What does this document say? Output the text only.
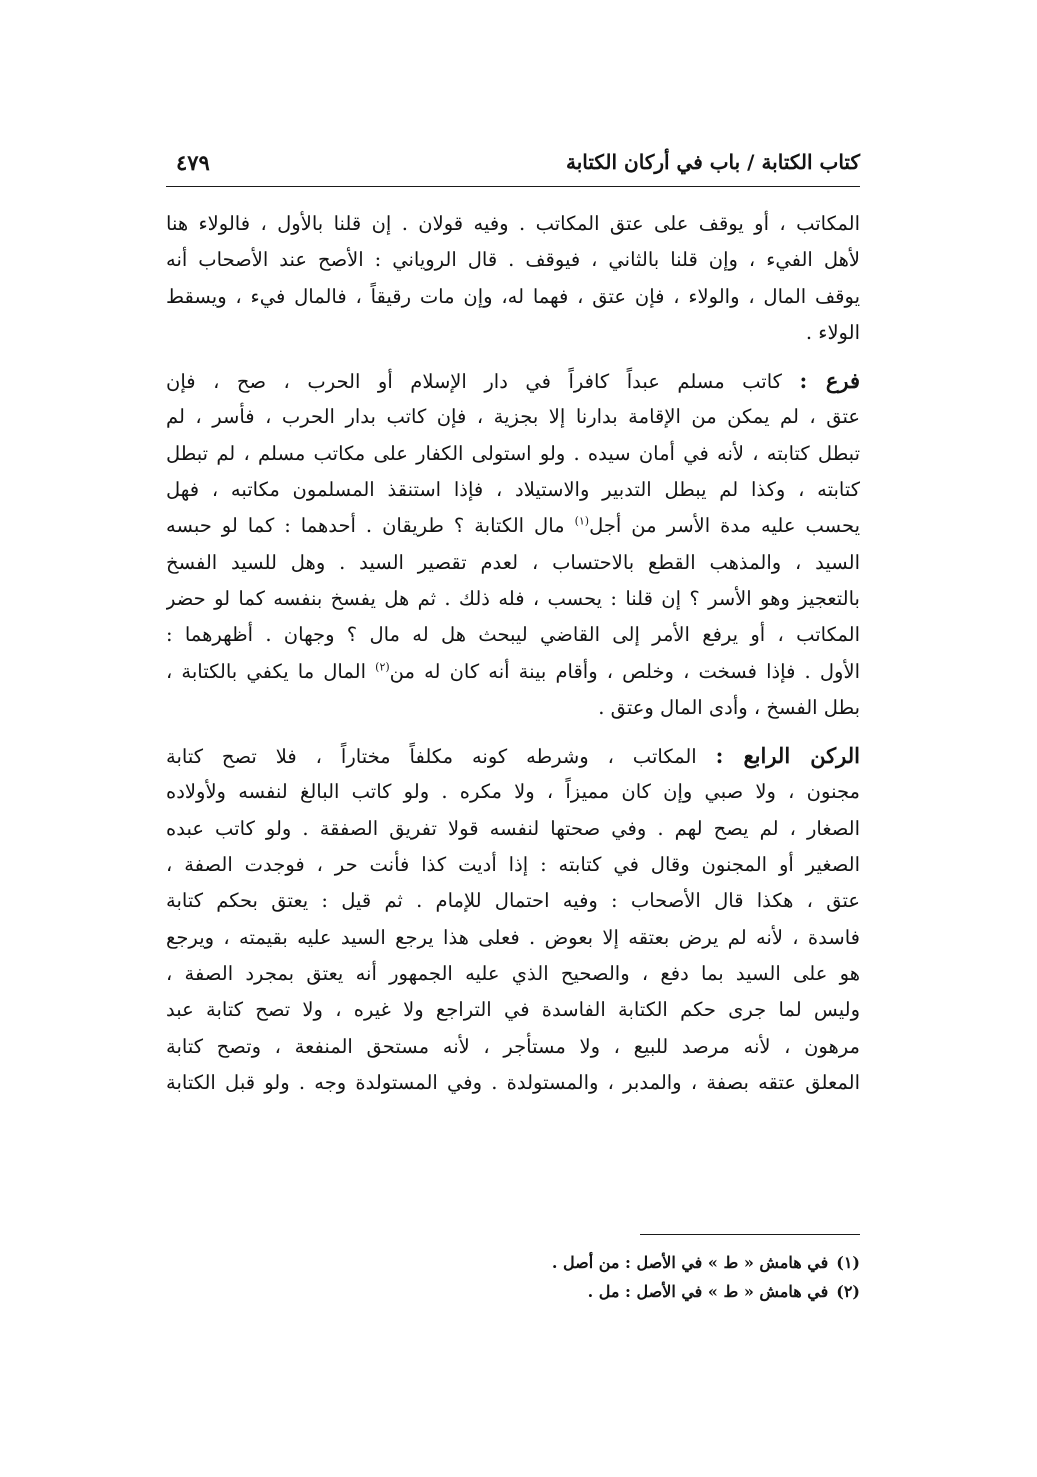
كتاب الكتابة / باب في أركان الكتابة
٤٧٩
المكاتب ، أو يوقف على عتق المكاتب . وفيه قولان . إن قلنا بالأول ، فالولاء هنا
لأهل الفيء ، وإن قلنا بالثاني ، فيوقف . قال الروياني : الأصح عند الأصحاب أنه
يوقف المال ، والولاء ، فإن عتق ، فهما له، وإن مات رقيقاً ، فالمال فيء ، ويسقط
الولاء .
فرع : كاتب مسلم عبداً كافراً في دار الإسلام أو الحرب ، صح ، فإن
عتق ، لم يمكن من الإقامة بدارنا إلا بجزية ، فإن كاتب بدار الحرب ، فأسر ، لم
تبطل كتابته ، لأنه في أمان سيده . ولو استولى الكفار على مكاتب مسلم ، لم تبطل
كتابته ، وكذا لم يبطل التدبير والاستيلاد ، فإذا استنقذ المسلمون مكاتبه ، فهل
يحسب عليه مدة الأسر من أجل$^{(١)}$ مال الكتابة ؟ طريقان . أحدهما : كما لو حبسه
السيد ، والمذهب القطع بالاحتساب ، لعدم تقصير السيد . وهل للسيد الفسخ
بالتعجيز وهو الأسر ؟ إن قلنا : يحسب ، فله ذلك . ثم هل يفسخ بنفسه كما لو حضر
المكاتب ، أو يرفع الأمر إلى القاضي ليبحث هل له مال ؟ وجهان . أظهرهما :
الأول . فإذا فسخت ، وخلص ، وأقام بينة أنه كان له من$^{(٢)}$ المال ما يكفي بالكتابة ،
بطل الفسخ ، وأدى المال وعتق .
الركن الرابع : المكاتب ، وشرطه كونه مكلفاً مختاراً ، فلا تصح كتابة
مجنون ، ولا صبي وإن كان مميزاً ، ولا مكره . ولو كاتب البالغ لنفسه ولأولاده
الصغار ، لم يصح لهم . وفي صحتها لنفسه قولا تفريق الصفقة . ولو كاتب عبده
الصغير أو المجنون وقال في كتابته : إذا أديت كذا فأنت حر ، فوجدت الصفة ،
عتق ، هكذا قال الأصحاب : وفيه احتمال للإمام . ثم قيل : يعتق بحكم كتابة
فاسدة ، لأنه لم يرض بعتقه إلا بعوض . فعلى هذا يرجع السيد عليه بقيمته ، ويرجع
هو على السيد بما دفع ، والصحيح الذي عليه الجمهور أنه يعتق بمجرد الصفة ،
وليس لما جرى حكم الكتابة الفاسدة في التراجع ولا غيره ، ولا تصح كتابة عبد
مرهون ، لأنه مرصد للبيع ، ولا مستأجر ، لأنه مستحق المنفعة ، وتصح كتابة
المعلق عتقه بصفة ، والمدبر ، والمستولدة . وفي المستولدة وجه . ولو قبل الكتابة
(١)في هامش « ط » في الأصل : من أصل .
(٢)في هامش « ط » في الأصل : مل .
